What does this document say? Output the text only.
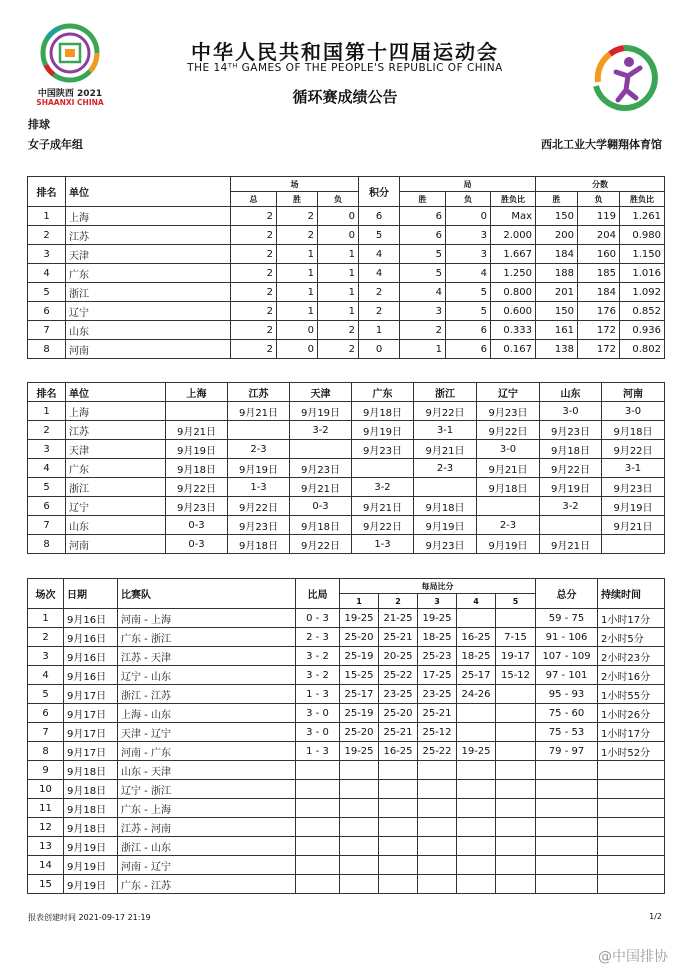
中国陕西 2021
SHAANXI CHINA
中华人民共和国第十四届运动会
THE 14ᵀᴴ GAMES OF THE PEOPLE'S REPUBLIC OF CHINA
循环赛成绩公告
排球
女子成年组	西北工业大学翱翔体育馆
排名	单位	场			积分	局			分数		
		总	胜	负		胜	负	胜负比	胜	负	胜负比
1	上海	2	2	0	6	6	0	Max	150	119	1.261
2	江苏	2	2	0	5	6	3	2.000	200	204	0.980
3	天津	2	1	1	4	5	3	1.667	184	160	1.150
4	广东	2	1	1	4	5	4	1.250	188	185	1.016
5	浙江	2	1	1	2	4	5	0.800	201	184	1.092
6	辽宁	2	1	1	2	3	5	0.600	150	176	0.852
7	山东	2	0	2	1	2	6	0.333	161	172	0.936
8	河南	2	0	2	0	1	6	0.167	138	172	0.802
排名	单位	上海	江苏	天津	广东	浙江	辽宁	山东	河南
1	上海		9月21日	9月19日	9月18日	9月22日	9月23日	3-0	3-0
2	江苏	9月21日		3-2	9月19日	3-1	9月22日	9月23日	9月18日
3	天津	9月19日	2-3		9月23日	9月21日	3-0	9月18日	9月22日
4	广东	9月18日	9月19日	9月23日		2-3	9月21日	9月22日	3-1
5	浙江	9月22日	1-3	9月21日	3-2		9月18日	9月19日	9月23日
6	辽宁	9月23日	9月22日	0-3	9月21日	9月18日		3-2	9月19日
7	山东	0-3	9月23日	9月18日	9月22日	9月19日	2-3		9月21日
8	河南	0-3	9月18日	9月22日	1-3	9月23日	9月19日	9月21日	
场次	日期	比赛队	比局	每局比分					总分	持续时间
				1	2	3	4	5		
1	9月16日	河南 - 上海	0 - 3	19-25	21-25	19-25			59 - 75	1小时17分
2	9月16日	广东 - 浙江	2 - 3	25-20	25-21	18-25	16-25	7-15	91 - 106	2小时5分
3	9月16日	江苏 - 天津	3 - 2	25-19	20-25	25-23	18-25	19-17	107 - 109	2小时23分
4	9月16日	辽宁 - 山东	3 - 2	15-25	25-22	17-25	25-17	15-12	97 - 101	2小时16分
5	9月17日	浙江 - 江苏	1 - 3	25-17	23-25	23-25	24-26		95 - 93	1小时55分
6	9月17日	上海 - 山东	3 - 0	25-19	25-20	25-21			75 - 60	1小时26分
7	9月17日	天津 - 辽宁	3 - 0	25-20	25-21	25-12			75 - 53	1小时17分
8	9月17日	河南 - 广东	1 - 3	19-25	16-25	25-22	19-25		79 - 97	1小时52分
9	9月18日	山东 - 天津								
10	9月18日	辽宁 - 浙江								
11	9月18日	广东 - 上海								
12	9月18日	江苏 - 河南								
13	9月19日	浙江 - 山东								
14	9月19日	河南 - 辽宁								
15	9月19日	广东 - 江苏								
报表创建时间 2021-09-17 21:19	1/2
@中国排协
